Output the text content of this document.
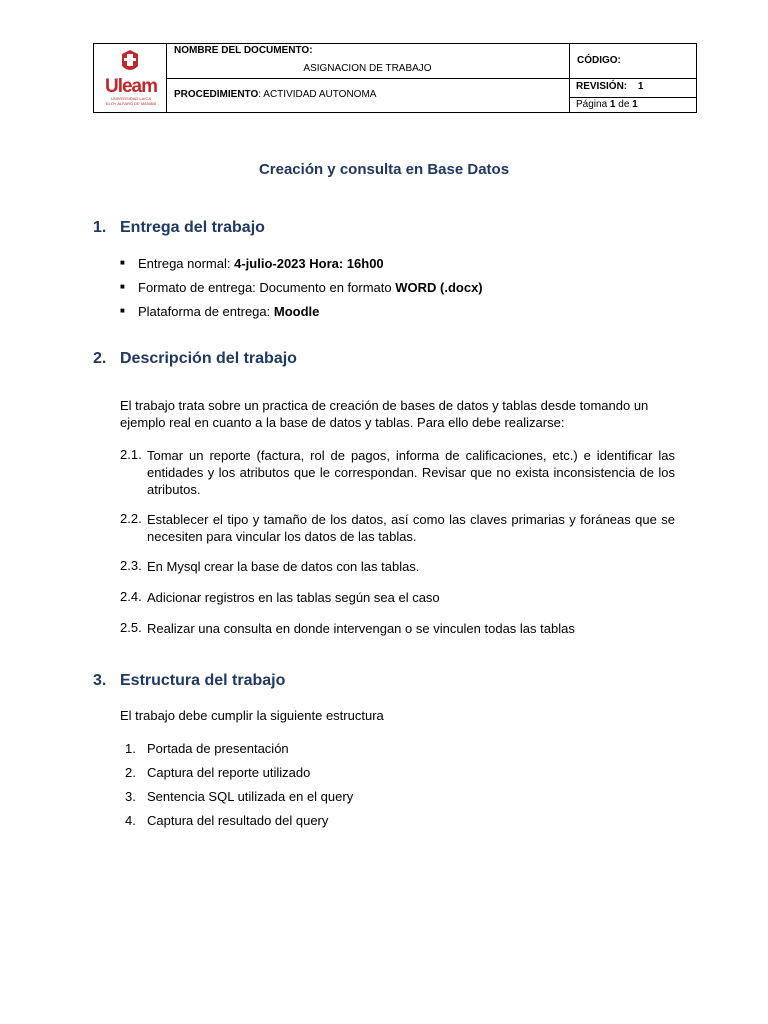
Uleam
UNIVERSIDAD LAICA
ELOY ALFARO DE MANABÍ
NOMBRE DEL DOCUMENTO:
ASIGNACION DE TRABAJO
PROCEDIMIENTO: ACTIVIDAD AUTONOMA
CÓDIGO:
REVISIÓN: 1
Página 1 de 1
Creación y consulta en Base Datos
1. Entrega del trabajo
■ Entrega normal: 4-julio-2023 Hora: 16h00
■ Formato de entrega: Documento en formato WORD (.docx)
■ Plataforma de entrega: Moodle
2. Descripción del trabajo
El trabajo trata sobre un practica de creación de bases de datos y tablas desde tomando un
ejemplo real en cuanto a la base de datos y tablas. Para ello debe realizarse:
2.1. Tomar un reporte (factura, rol de pagos, informa de calificaciones, etc.) e identificar las entidades y los atributos que le correspondan. Revisar que no exista inconsistencia de los atributos.
2.2. Establecer el tipo y tamaño de los datos, así como las claves primarias y foráneas que se necesiten para vincular los datos de las tablas.
2.3. En Mysql crear la base de datos con las tablas.
2.4. Adicionar registros en las tablas según sea el caso
2.5. Realizar una consulta en donde intervengan o se vinculen todas las tablas
3. Estructura del trabajo
El trabajo debe cumplir la siguiente estructura
1. Portada de presentación
2. Captura del reporte utilizado
3. Sentencia SQL utilizada en el query
4. Captura del resultado del query
